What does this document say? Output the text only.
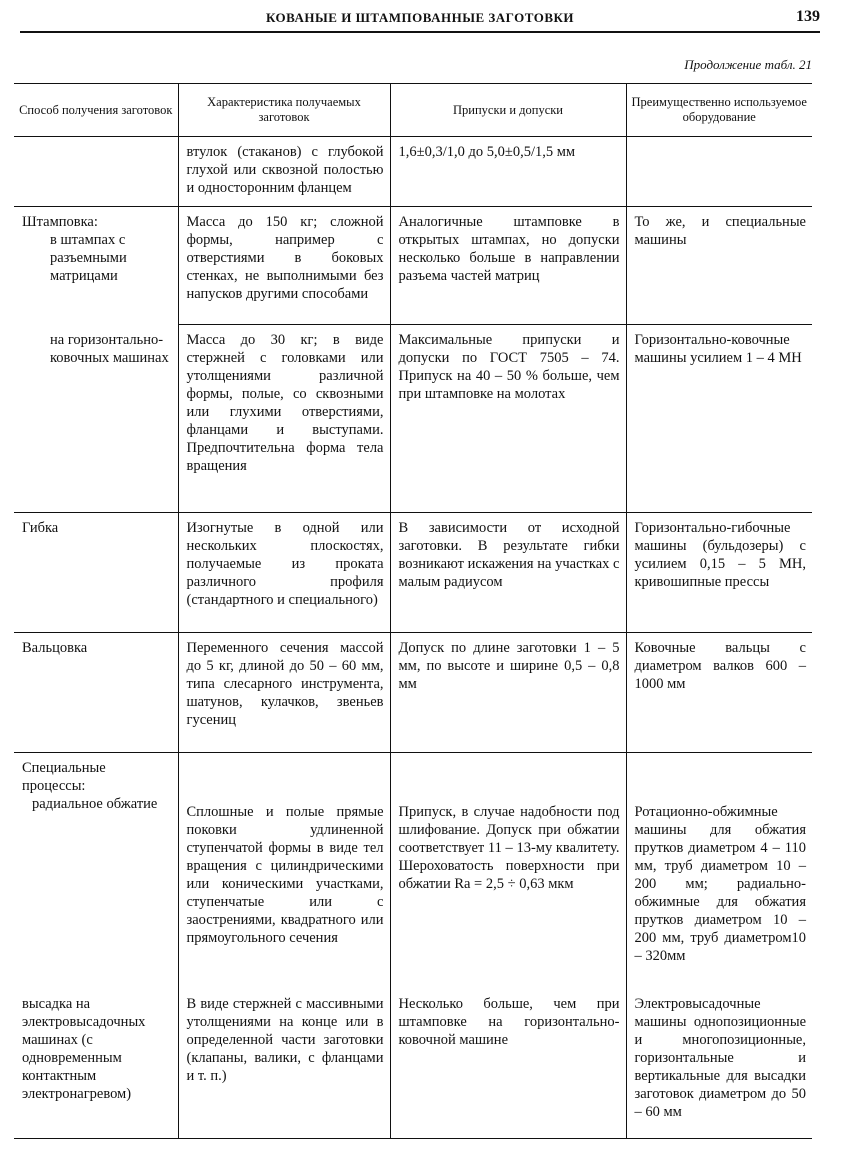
КОВАНЫЕ И ШТАМПОВАННЫЕ ЗАГОТОВКИ	139
Продолжение табл. 21
Способ получения заготовок	Характеристика получаемых заготовок	Припуски и допуски	Преимущественно используемое оборудование
	втулок (стаканов) с глубокой глухой или сквозной полостью и односторонним фланцем	1,6±0,3/1,0 до 5,0±0,5/1,5 мм	

Штамповка:
в штампах с разъемными матрицами	Масса до 150 кг; сложной формы, например с отверстиями в боковых стенках, не выполнимыми без напусков другими способами	Аналогичные штамповке в открытых штампах, но допуски несколько больше в направлении разъема частей матриц	То же, и специальные машины

на горизонтально-ковочных машинах	Масса до 30 кг; в виде стержней с головками или утолщениями различной формы, полые, со сквозными или глухими отверстиями, фланцами и выступами. Предпочтительна форма тела вращения	Максимальные припуски и допуски по ГОСТ 7505 – 74. Припуск на 40 – 50 % больше, чем при штамповке на молотах	Горизонтально-ковочные машины усилием 1 – 4 МН
Гибка	Изогнутые в одной или нескольких плоскостях, получаемые из проката различного профиля (стандартного и специального)	В зависимости от исходной заготовки. В результате гибки возникают искажения на участках с малым радиусом	Горизонтально-гибочные машины (бульдозеры) с усилием 0,15 – 5 МН, кривошипные прессы
Вальцовка	Переменного сечения массой до 5 кг, длиной до 50 – 60 мм, типа слесарного инструмента, шатунов, кулачков, звеньев гусениц	Допуск по длине заготовки 1 – 5 мм, по высоте и ширине 0,5 – 0,8 мм	Ковочные вальцы с диаметром валков 600 – 1000 мм

Специальные процессы:
радиальное обжатие	Сплошные и полые прямые поковки удлиненной ступенчатой формы в виде тел вращения с цилиндрическими или коническими участками, ступенчатые или с заострениями, квадратного или прямоугольного сечения	Припуск, в случае надобности под шлифование. Допуск при обжатии соответствует 11 – 13-му квалитету. Шероховатость поверхности при обжатии Ra = 2,5 ÷ 0,63 мкм	Ротационно-обжимные машины для обжатия прутков диаметром 4 – 110 мм, труб диаметром 10 – 200 мм; радиально-обжимные для обжатия прутков диаметром 10 – 200 мм, труб диаметром10 – 320мм

высадка на электровысадочных машинах (с одновременным контактным электронагревом)	В виде стержней с массивными утолщениями на конце или в определенной части заготовки (клапаны, валики, с фланцами и т. п.)	Несколько больше, чем при штамповке на горизонтально-ковочной машине	Электровысадочные машины однопозиционные и многопозиционные, горизонтальные и вертикальные для высадки заготовок диаметром до 50 – 60 мм
